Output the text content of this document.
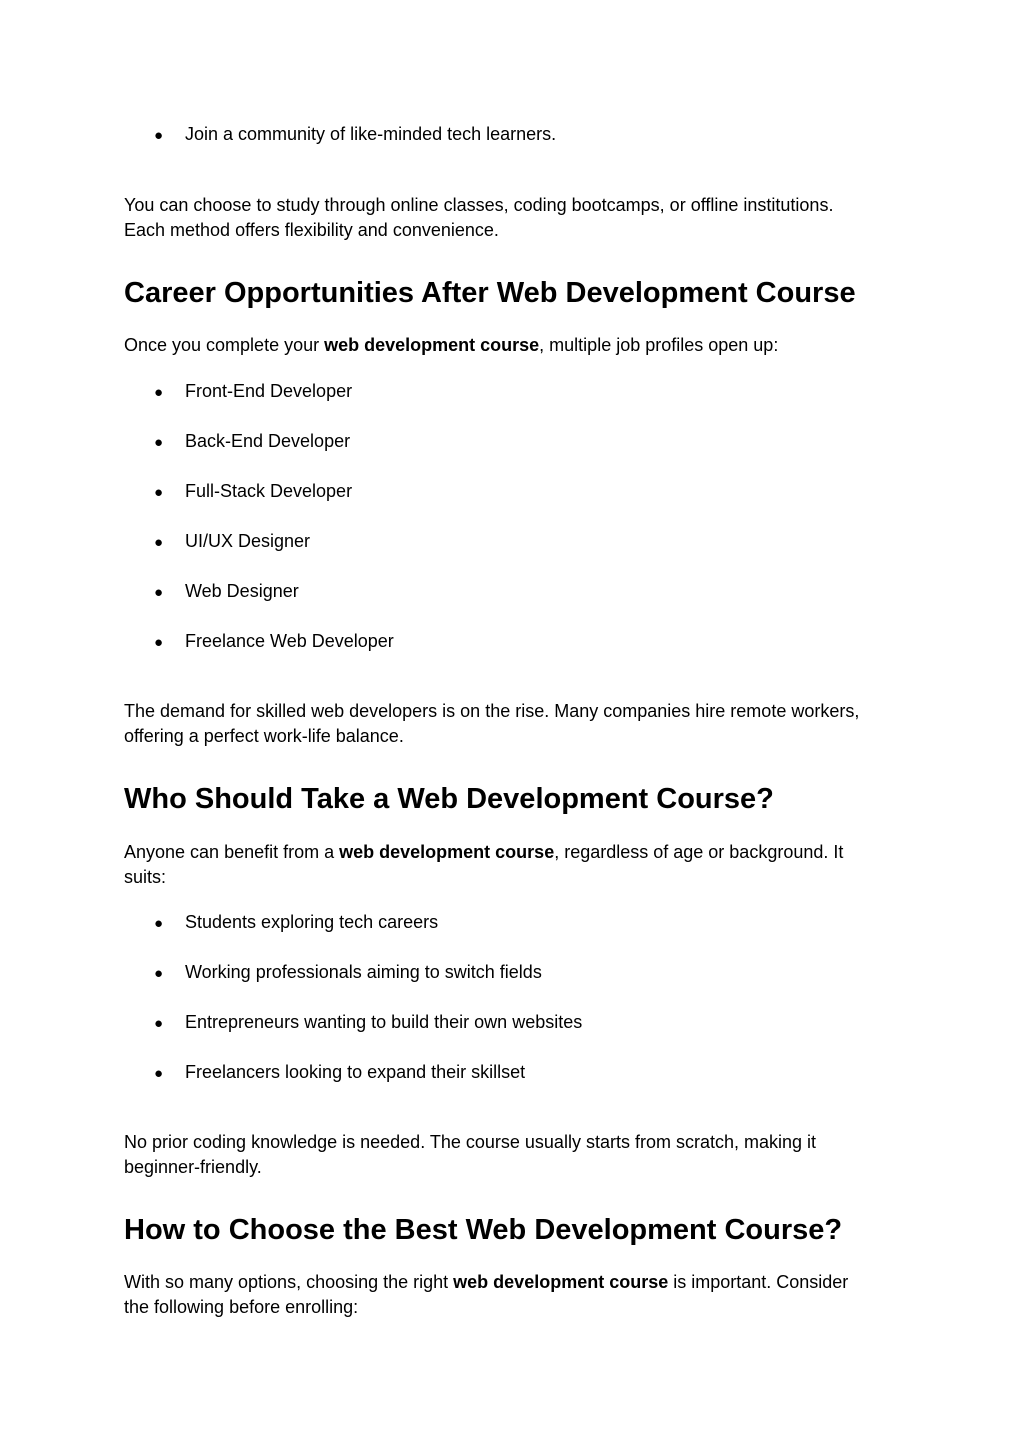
● Join a community of like-minded tech learners.
You can choose to study through online classes, coding bootcamps, or offline institutions.
Each method offers flexibility and convenience.
Career Opportunities After Web Development Course

Once you complete your web development course, multiple job profiles open up:

● Front-End Developer
● Back-End Developer
● Full-Stack Developer
● UI/UX Designer
● Web Designer
● Freelance Web Developer
The demand for skilled web developers is on the rise. Many companies hire remote workers,
offering a perfect work-life balance.
Who Should Take a Web Development Course?
Anyone can benefit from a web development course, regardless of age or background. It
suits:
● Students exploring tech careers
● Working professionals aiming to switch fields
● Entrepreneurs wanting to build their own websites
● Freelancers looking to expand their skillset
No prior coding knowledge is needed. The course usually starts from scratch, making it
beginner-friendly.
How to Choose the Best Web Development Course?
With so many options, choosing the right web development course is important. Consider
the following before enrolling:
